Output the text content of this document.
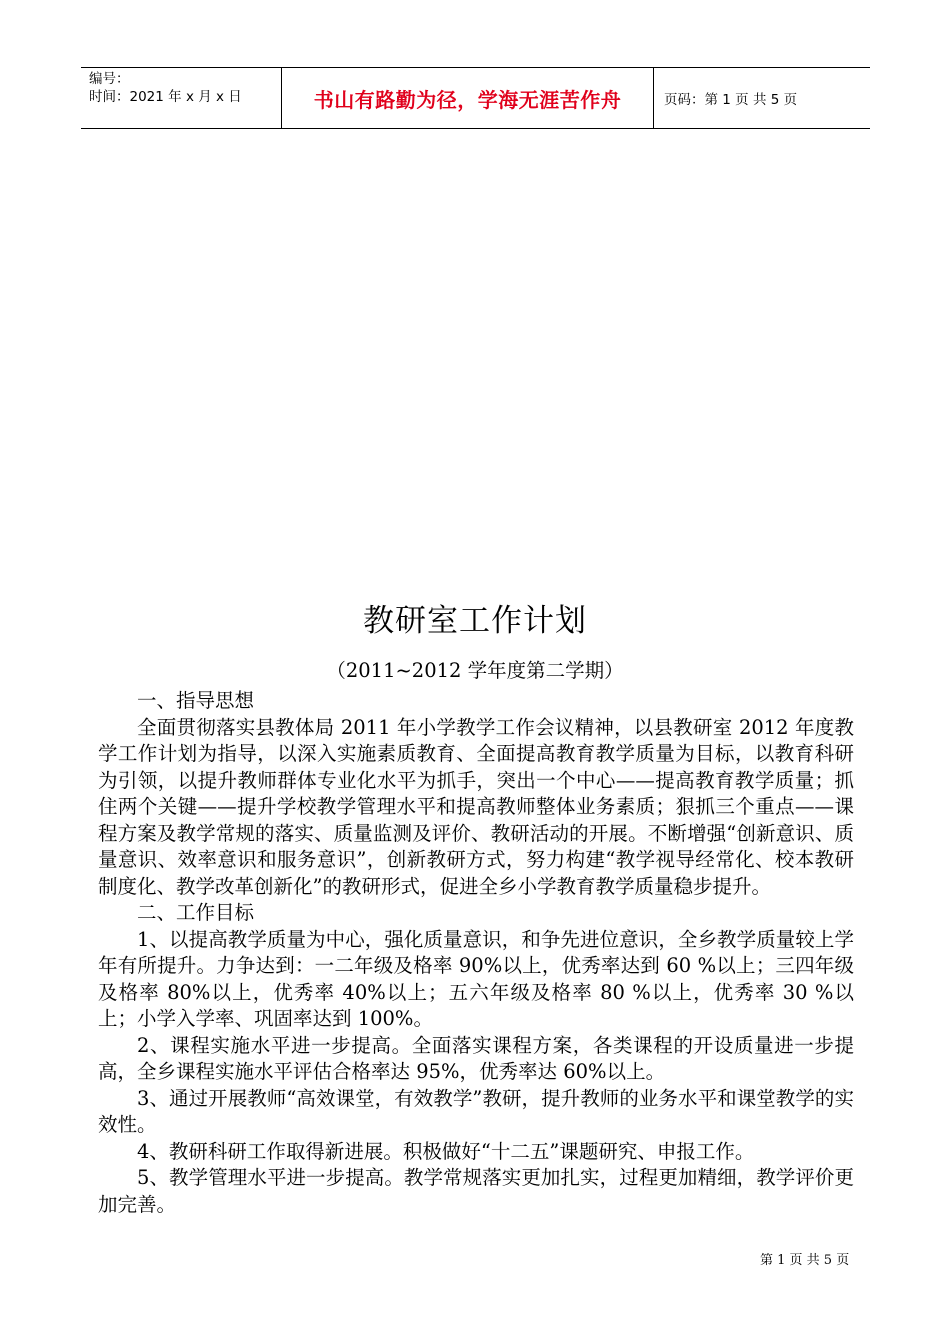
编号：
时间：2021 年 x 月 x 日	书山有路勤为径，学海无涯苦作舟	页码：第 1 页 共 5 页
教研室工作计划
（2011~2012 学年度第二学期）

一、指导思想

全面贯彻落实县教体局 2011 年小学教学工作会议精神，以县教研室 2012 年度教学工作计划为指导，以深入实施素质教育、全面提高教育教学质量为目标，以教育科研为引领，以提升教师群体专业化水平为抓手，突出一个中心——提高教育教学质量；抓住两个关键——提升学校教学管理水平和提高教师整体业务素质；狠抓三个重点——课程方案及教学常规的落实、质量监测及评价、教研活动的开展。不断增强“创新意识、质量意识、效率意识和服务意识”，创新教研方式，努力构建“教学视导经常化、校本教研制度化、教学改革创新化”的教研形式，促进全乡小学教育教学质量稳步提升。

二、工作目标

1、以提高教学质量为中心，强化质量意识，和争先进位意识，全乡教学质量较上学年有所提升。力争达到：一二年级及格率 90%以上，优秀率达到 60 %以上；三四年级及格率 80%以上，优秀率 40%以上；五六年级及格率 80 %以上，优秀率 30 %以上；小学入学率、巩固率达到 100%。

2、课程实施水平进一步提高。全面落实课程方案，各类课程的开设质量进一步提高，全乡课程实施水平评估合格率达 95%，优秀率达 60%以上。

3、通过开展教师“高效课堂，有效教学”教研，提升教师的业务水平和课堂教学的实效性。

4、教研科研工作取得新进展。积极做好“十二五”课题研究、申报工作。

5、教学管理水平进一步提高。教学常规落实更加扎实，过程更加精细，教学评价更加完善。

第 1 页 共 5 页
